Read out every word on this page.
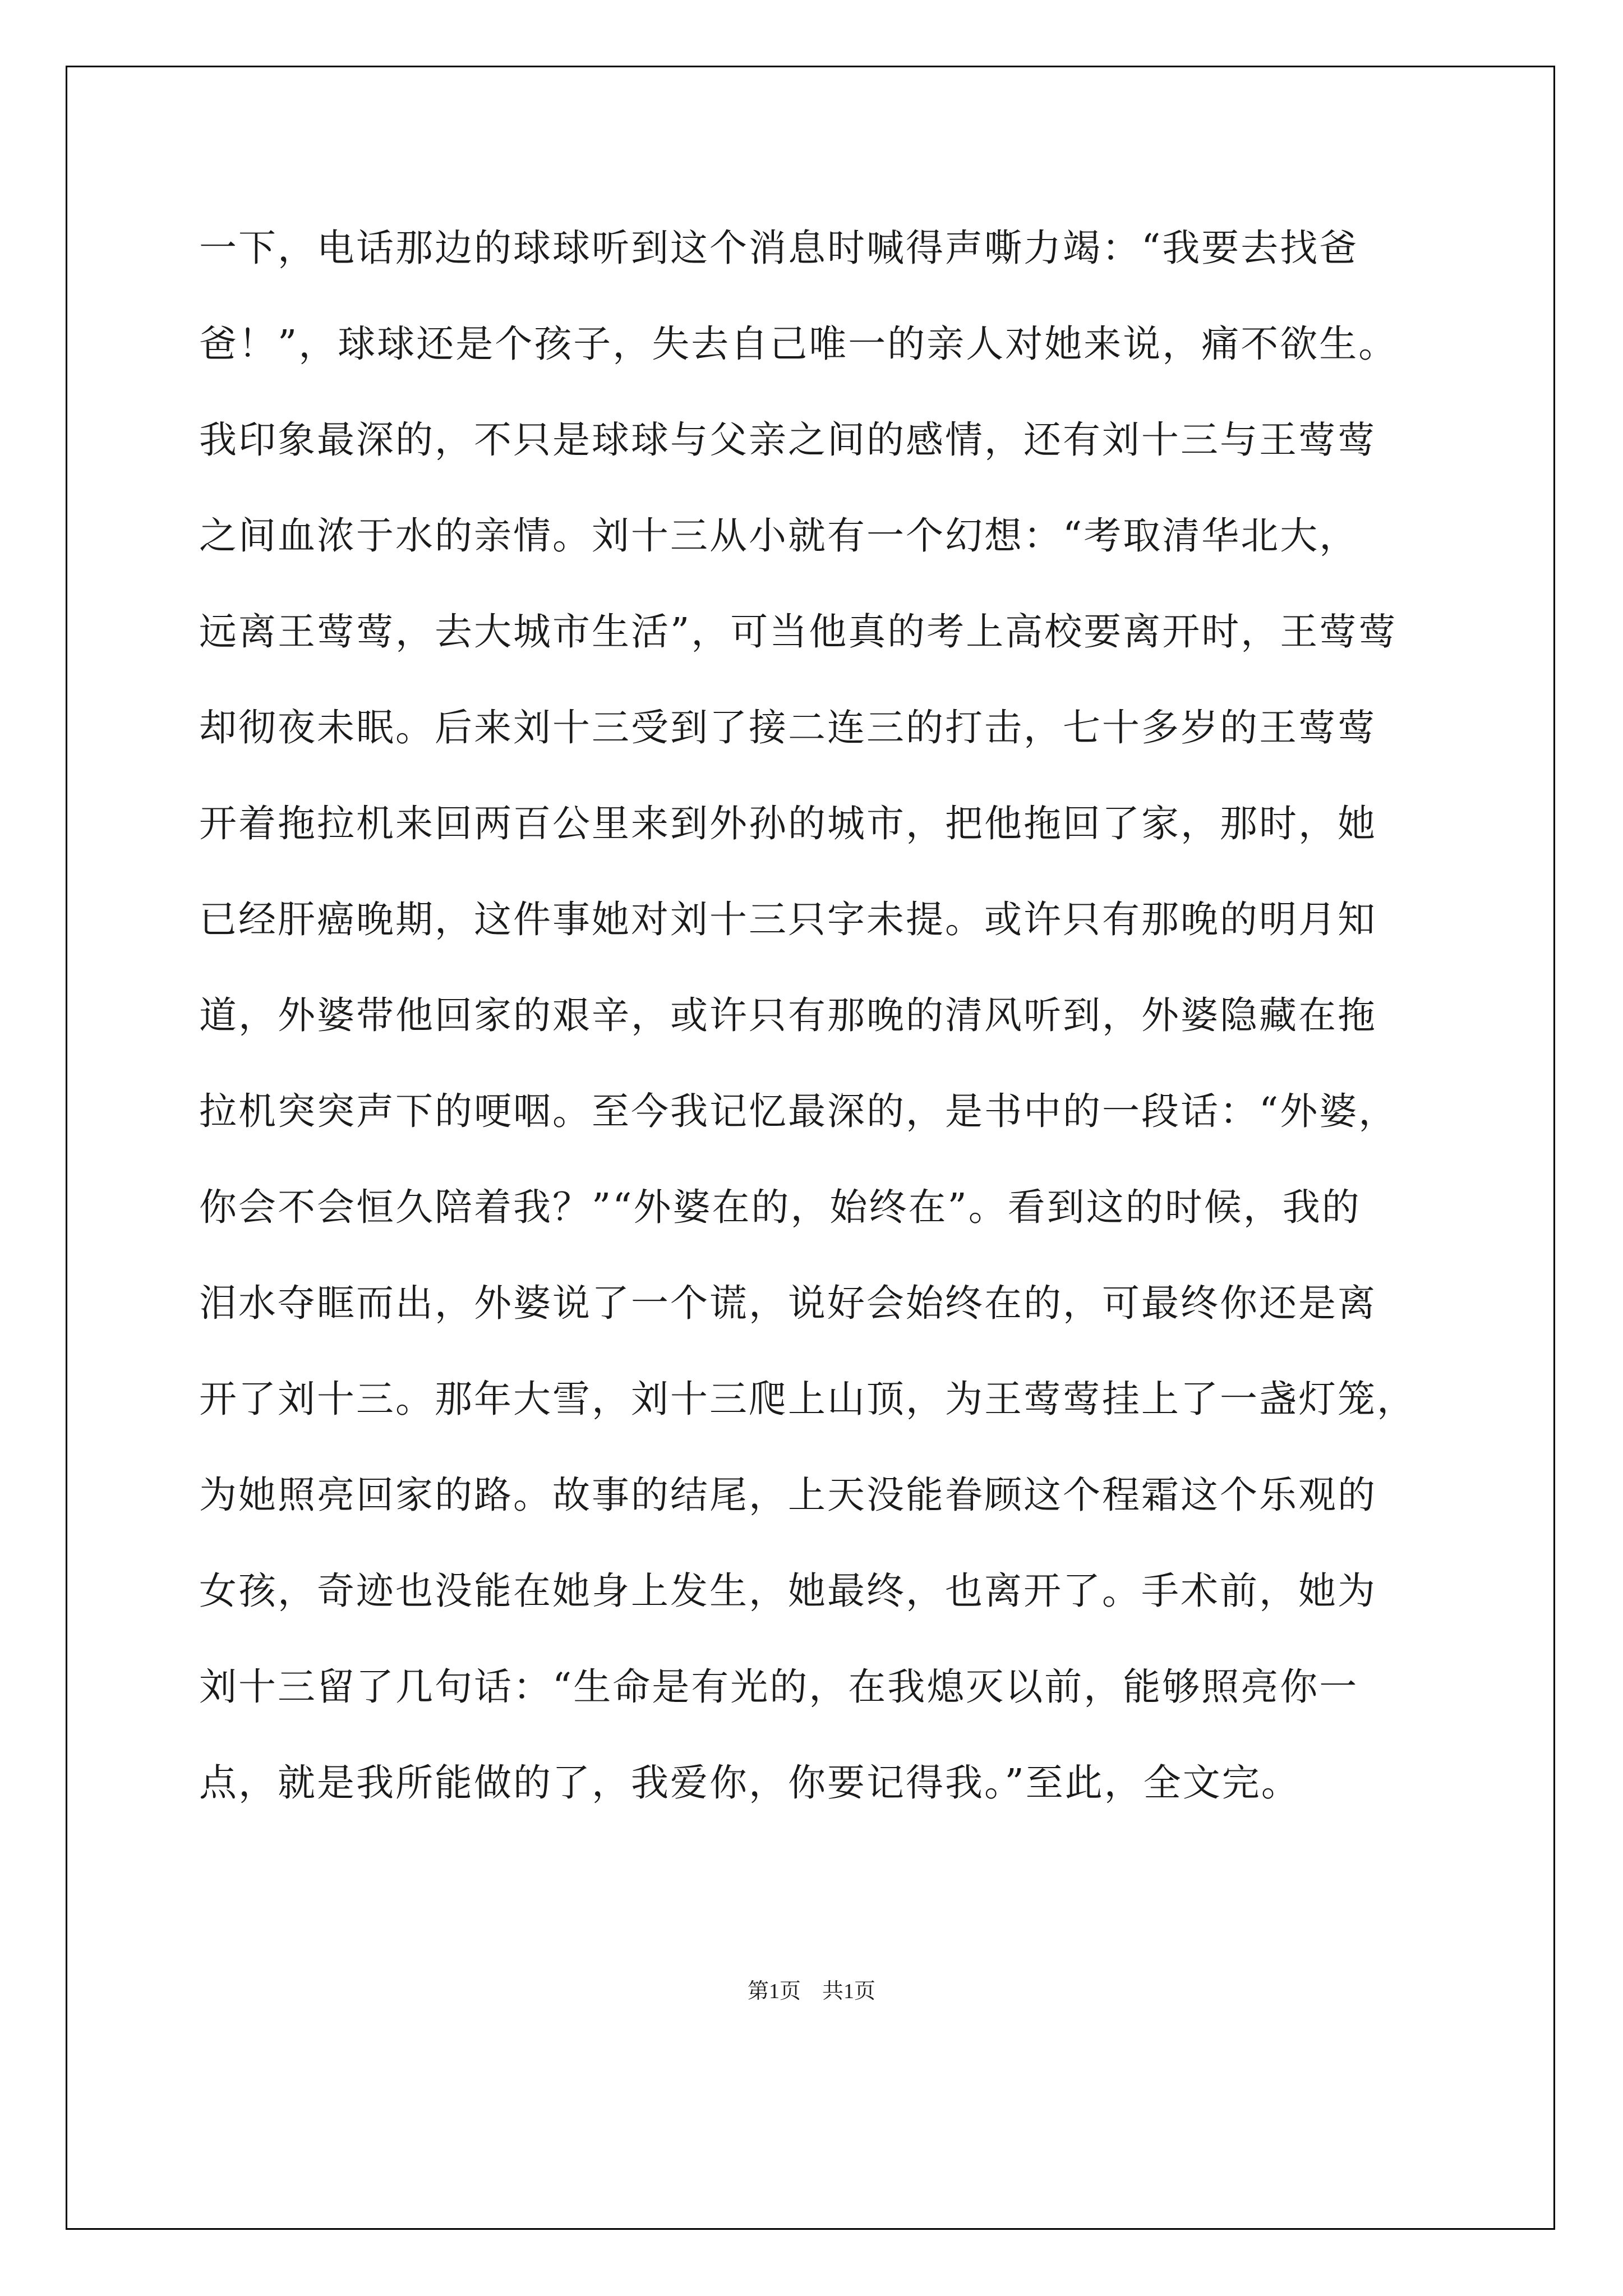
一下，电话那边的球球听到这个消息时喊得声嘶力竭：“我要去找爸
爸！”，球球还是个孩子，失去自己唯一的亲人对她来说，痛不欲生。
我印象最深的，不只是球球与父亲之间的感情，还有刘十三与王莺莺
之间血浓于水的亲情。刘十三从小就有一个幻想：“考取清华北大，
远离王莺莺，去大城市生活”，可当他真的考上高校要离开时，王莺莺
却彻夜未眠。后来刘十三受到了接二连三的打击，七十多岁的王莺莺
开着拖拉机来回两百公里来到外孙的城市，把他拖回了家，那时，她
已经肝癌晚期，这件事她对刘十三只字未提。或许只有那晚的明月知
道，外婆带他回家的艰辛，或许只有那晚的清风听到，外婆隐藏在拖
拉机突突声下的哽咽。至今我记忆最深的，是书中的一段话：“外婆，
你会不会恒久陪着我？”“外婆在的，始终在”。看到这的时候，我的
泪水夺眶而出，外婆说了一个谎，说好会始终在的，可最终你还是离
开了刘十三。那年大雪，刘十三爬上山顶，为王莺莺挂上了一盏灯笼，
为她照亮回家的路。故事的结尾，上天没能眷顾这个程霜这个乐观的
女孩，奇迹也没能在她身上发生，她最终，也离开了。手术前，她为
刘十三留了几句话：“生命是有光的，在我熄灭以前，能够照亮你一
点，就是我所能做的了，我爱你，你要记得我。”至此，全文完。
第1页　共1页
